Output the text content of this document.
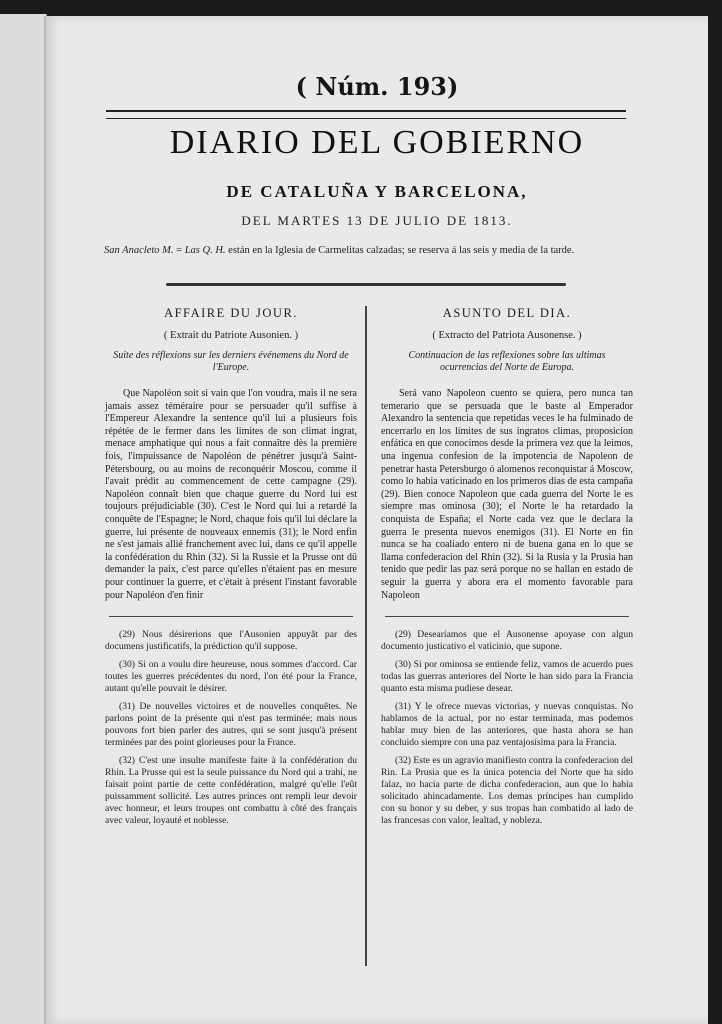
( Núm. 193)
DIARIO DEL GOBIERNO
DE CATALUÑA Y BARCELONA,
DEL MARTES 13 DE JULIO DE 1813.
San Anacleto M. = Las Q. H. están en la Iglesia de Carmelitas calzadas; se reserva á las seis y media de la tarde.
AFFAIRE DU JOUR.
( Extrait du Patriote Ausonien. )
Suite des réflexions sur les derniers événemens du Nord de l'Europe.
Que Napoléon soit si vain que l'on voudra, mais il ne sera jamais assez téméraire pour se persuader qu'il suffise à l'Empereur Alexandre la sentence qu'il lui a plusieurs fois répétée de le fermer dans les limites de son climat ingrat, menace amphatique qui nous a fait connaître dès la première fois, l'impuissance de Napoléon de pénétrer jusqu'à Saint-Pétersbourg, ou au moins de reconquérir Moscou, comme il l'avait prédit au commencement de cette campagne (29). Napoléon connaît bien que chaque guerre du Nord lui est toujours préjudiciable (30). C'est le Nord qui lui a retardé la conquête de l'Espagne; le Nord, chaque fois qu'il lui déclare la guerre, lui présente de nouveaux ennemis (31); le Nord enfin ne s'est jamais allié franchement avec lui, dans ce qu'il appelle la confédération du Rhin (32). Si la Russie et la Prusse ont dû demander la paix, c'est parce qu'elles n'étaient pas en mesure pour continuer la guerre, et c'était à présent l'instant favorable pour Napoléon d'en finir
(29) Nous désirerions que l'Ausonien appuyât par des documens justificatifs, la prédiction qu'il suppose.
(30) Si on a voulu dire heureuse, nous sommes d'accord. Car toutes les guerres précédentes du nord, l'on été pour la France, autant qu'elle pouvait le désirer.
(31) De nouvelles victoires et de nouvelles conquêtes. Ne parlons point de la présente qui n'est pas terminée; mais nous pouvons fort bien parler des autres, qui se sont jusqu'à présent terminées par des point glorieuses pour la France.
(32) C'est une insulte manifeste faite à la confédération du Rhin. La Prusse qui est la seule puissance du Nord qui a trahi, ne faisait point partie de cette confédération, malgré qu'elle l'eût puissamment sollicité. Les autres princes ont rempli leur devoir avec honneur, et leurs troupes ont combattu à côté des français avec valeur, loyauté et noblesse.
ASUNTO DEL DIA.
( Extracto del Patriota Ausonense. )
Continuacion de las reflexiones sobre las ultimas ocurrencias del Norte de Europa.
Será vano Napoleon cuento se quiera, pero nunca tan temerario que se persuada que le baste al Emperador Alexandro la sentencia que repetidas veces le ha fulminado de encerrarlo en los límites de sus ingratos climas, proposicion enfática en que conocimos desde la primera vez que la leimos, una ingenua confesion de la impotencia de Napoleon de penetrar hasta Petersburgo ó alomenos reconquistar á Moscow, como lo habia vaticinado en los primeros dias de esta campaña (29). Bien conoce Napoleon que cada guerra del Norte le es siempre mas ominosa (30); el Norte le ha retardado la conquista de España; el Norte cada vez que le declara la guerra le presenta nuevos enemigos (31). El Norte en fin nunca se ha coaliado entero ni de buena gana en lo que se llama confederacion del Rhin (32). Si la Rusia y la Prusia han tenido que pedir las paz será porque no se hallan en estado de seguir la guerra y abora era el momento favorable para Napoleon
(29) Desearíamos que el Ausonense apoyase con algun documento justicativo el vaticinio, que supone.
(30) Si por ominosa se entiende feliz, vamos de acuerdo pues todas las guerras anteriores del Norte le han sido para la Francia quanto esta misma pudiese desear.
(31) Y le ofrece nuevas victorias, y nuevas conquistas. No hablamos de la actual, por no estar terminada, mas podemos hablar muy bien de las anteriores, que hasta ahora se han concluido siempre con una paz ventajosísima para la Francia.
(32) Este es un agravio manifiesto contra la confederacion del Rin. La Prusia que es la única potencia del Norte que ha sido falaz, no hacia parte de dicha confederacion, aun que lo habia solicitado ahincadamente. Los demas príncipes han cumplido con su honor y su deber, y sus tropas han combatido al lado de las francesas con valor, lealtad, y nobleza.
